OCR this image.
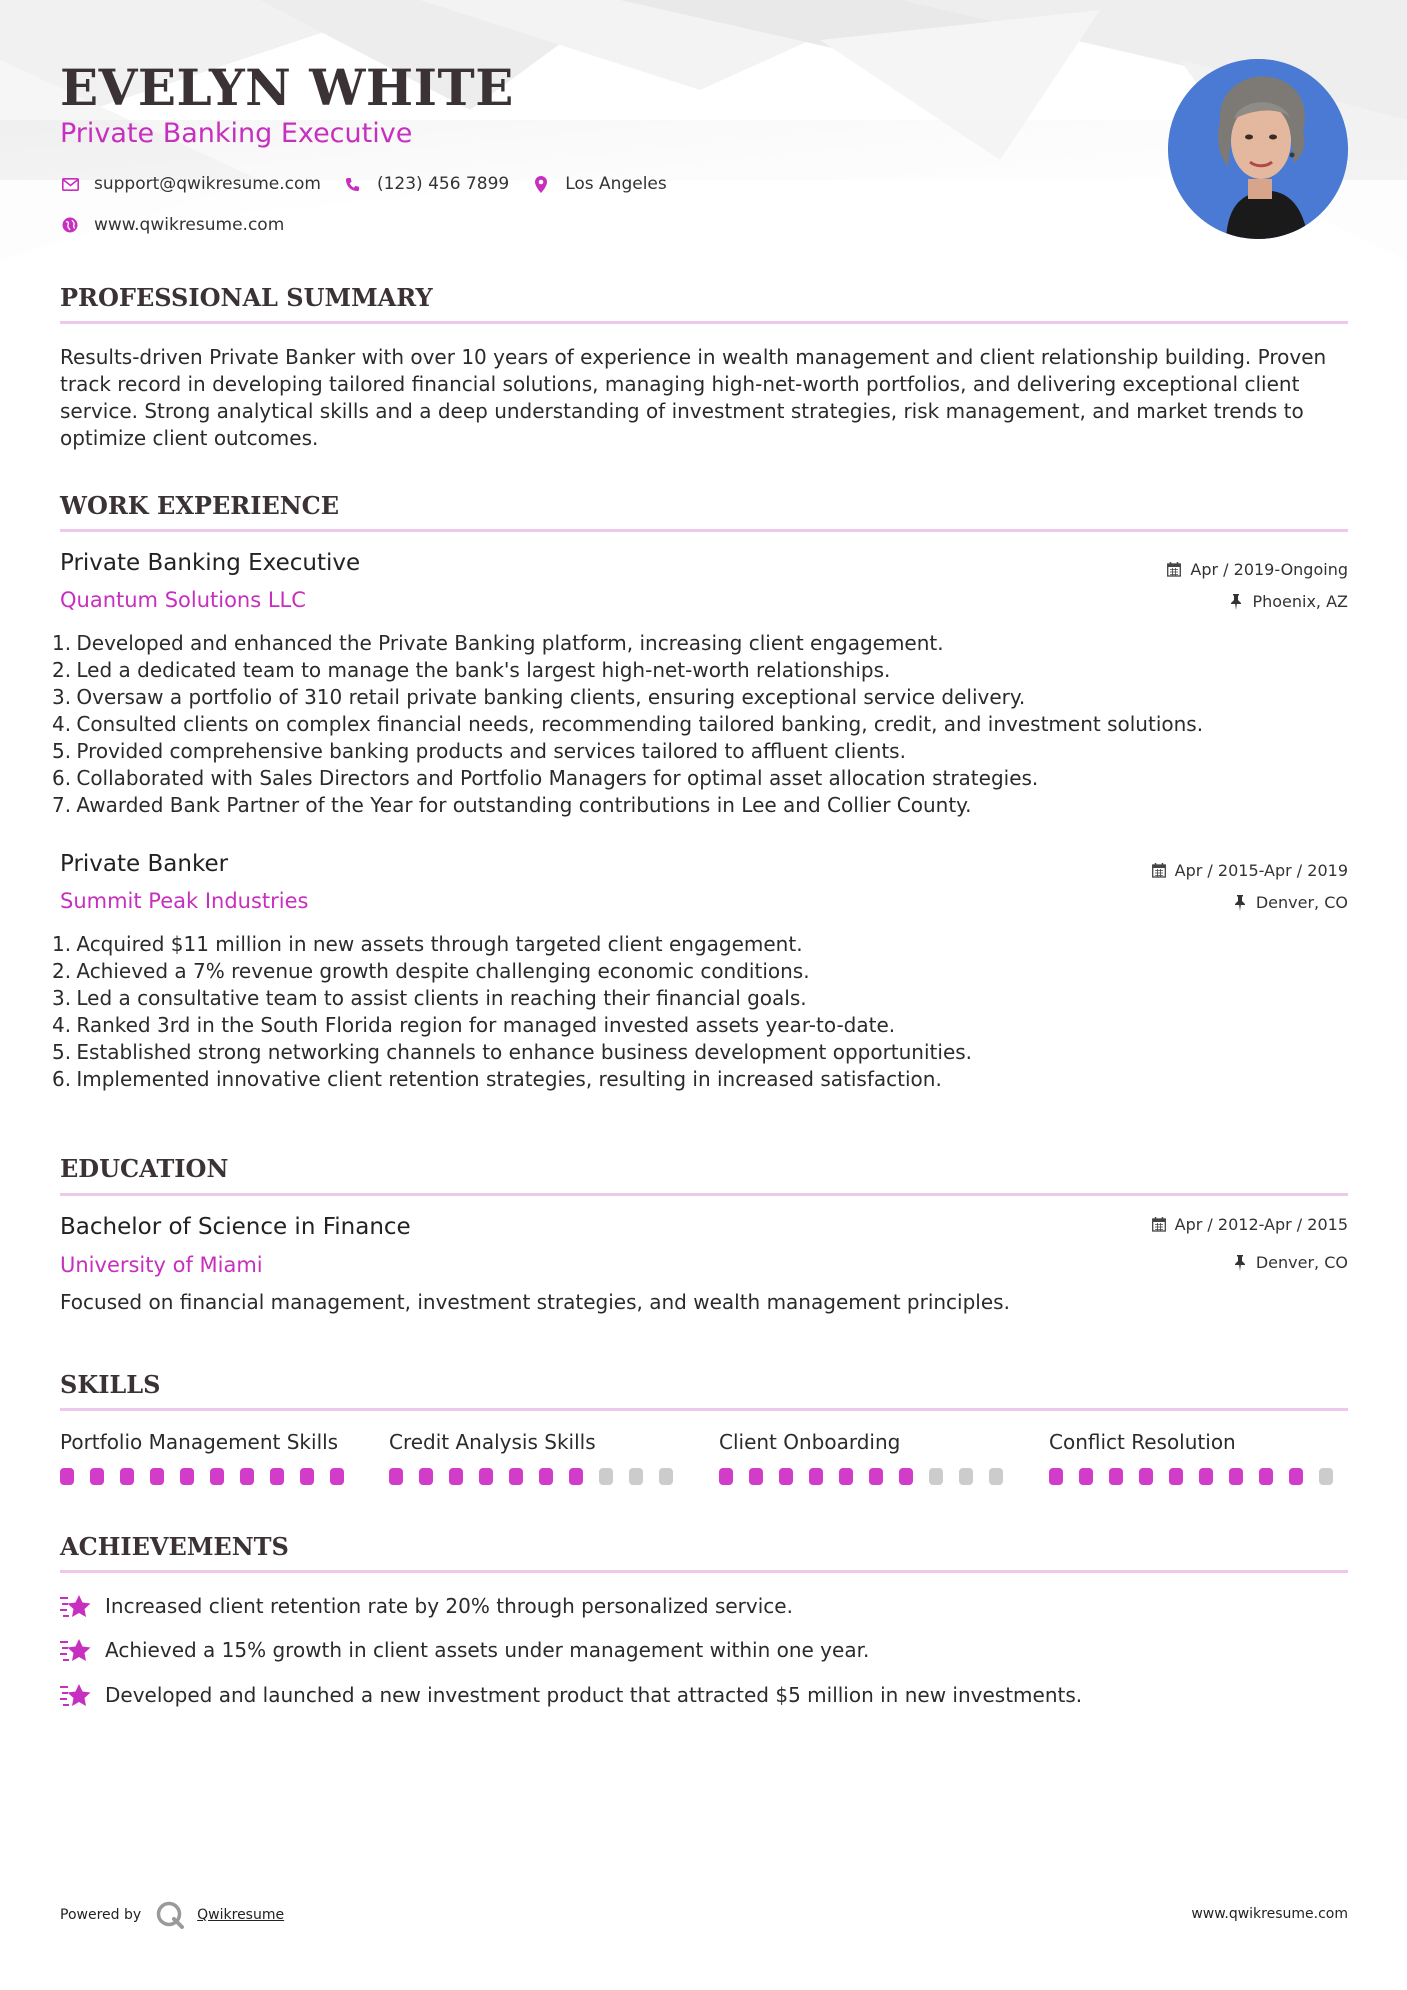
EVELYN WHITE
Private Banking Executive
support@qwikresume.com	(123) 456 7899	Los Angeles
www.qwikresume.com
PROFESSIONAL SUMMARY
Results-driven Private Banker with over 10 years of experience in wealth management and client relationship building. Proven track record in developing tailored financial solutions, managing high-net-worth portfolios, and delivering exceptional client service. Strong analytical skills and a deep understanding of investment strategies, risk management, and market trends to optimize client outcomes.
WORK EXPERIENCE
Private Banking Executive
Quantum Solutions LLC
Apr / 2019-Ongoing
Phoenix, AZ
1. Developed and enhanced the Private Banking platform, increasing client engagement.
2. Led a dedicated team to manage the bank's largest high-net-worth relationships.
3. Oversaw a portfolio of 310 retail private banking clients, ensuring exceptional service delivery.
4. Consulted clients on complex financial needs, recommending tailored banking, credit, and investment solutions.
5. Provided comprehensive banking products and services tailored to affluent clients.
6. Collaborated with Sales Directors and Portfolio Managers for optimal asset allocation strategies.
7. Awarded Bank Partner of the Year for outstanding contributions in Lee and Collier County.
Private Banker
Summit Peak Industries
Apr / 2015-Apr / 2019
Denver, CO
1. Acquired $11 million in new assets through targeted client engagement.
2. Achieved a 7% revenue growth despite challenging economic conditions.
3. Led a consultative team to assist clients in reaching their financial goals.
4. Ranked 3rd in the South Florida region for managed invested assets year-to-date.
5. Established strong networking channels to enhance business development opportunities.
6. Implemented innovative client retention strategies, resulting in increased satisfaction.
EDUCATION
Bachelor of Science in Finance
University of Miami
Apr / 2012-Apr / 2015
Denver, CO
Focused on financial management, investment strategies, and wealth management principles.
SKILLS
Portfolio Management Skills	Credit Analysis Skills	Client Onboarding	Conflict Resolution
ACHIEVEMENTS
Increased client retention rate by 20% through personalized service.
Achieved a 15% growth in client assets under management within one year.
Developed and launched a new investment product that attracted $5 million in new investments.
Powered by	Qwikresume	www.qwikresume.com
